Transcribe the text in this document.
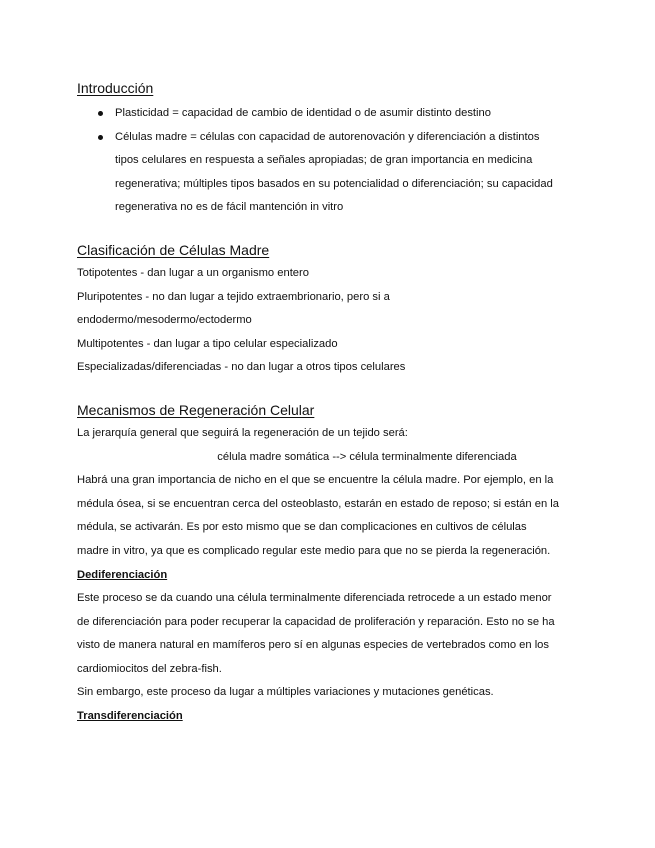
Introducción
Plasticidad = capacidad de cambio de identidad o de asumir distinto destino
Células madre = células con capacidad de autorenovación y diferenciación a distintos
tipos celulares en respuesta a señales apropiadas; de gran importancia en medicina
regenerativa; múltiples tipos basados en su potencialidad o diferenciación; su capacidad
regenerativa no es de fácil mantención in vitro
Clasificación de Células Madre

Totipotentes - dan lugar a un organismo entero

Pluripotentes - no dan lugar a tejido extraembrionario, pero si a

endodermo/mesodermo/ectodermo

Multipotentes - dan lugar a tipo celular especializado

Especializadas/diferenciadas - no dan lugar a otros tipos celulares

Mecanismos de Regeneración Celular

La jerarquía general que seguirá la regeneración de un tejido será:

célula madre somática --> célula terminalmente diferenciada

Habrá una gran importancia de nicho en el que se encuentre la célula madre. Por ejemplo, en la

médula ósea, si se encuentran cerca del osteoblasto, estarán en estado de reposo; si están en la

médula, se activarán. Es por esto mismo que se dan complicaciones en cultivos de células

madre in vitro, ya que es complicado regular este medio para que no se pierda la regeneración.

Dediferenciación

Este proceso se da cuando una célula terminalmente diferenciada retrocede a un estado menor

de diferenciación para poder recuperar la capacidad de proliferación y reparación. Esto no se ha

visto de manera natural en mamíferos pero sí en algunas especies de vertebrados como en los

cardiomiocitos del zebra-fish.

Sin embargo, este proceso da lugar a múltiples variaciones y mutaciones genéticas.

Transdiferenciación
